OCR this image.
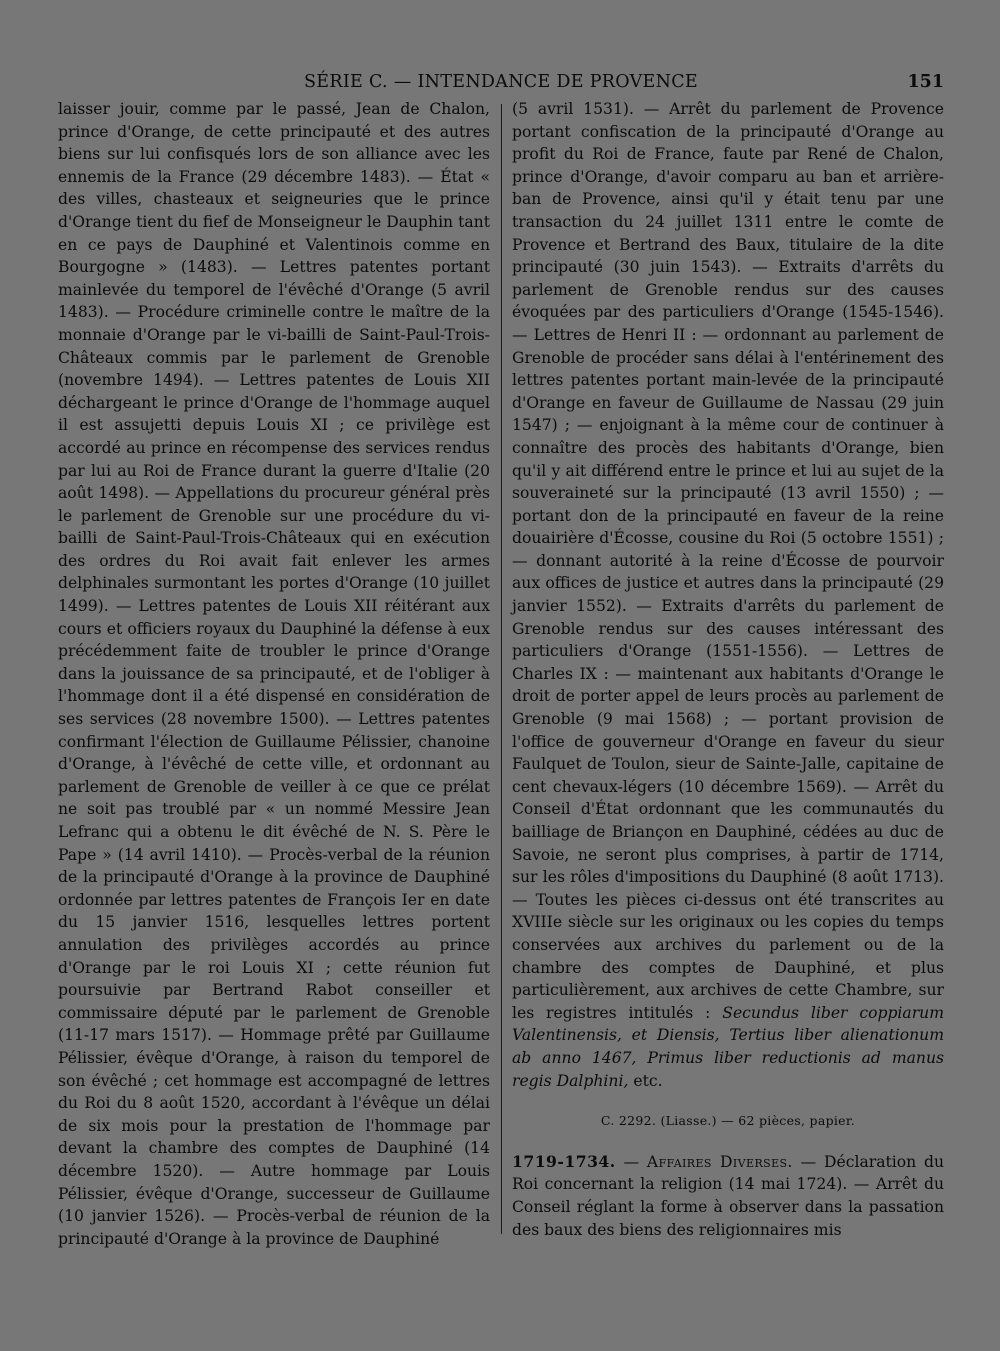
SÉRIE C. — INTENDANCE DE PROVENCE	151

laisser jouir, comme par le passé, Jean de Chalon, prince d'Orange, de cette principauté et des autres biens sur lui confisqués lors de son alliance avec les ennemis de la France (29 décembre 1483). — État « des villes, chasteaux et seigneuries que le prince d'Orange tient du fief de Monseigneur le Dauphin tant en ce pays de Dauphiné et Valentinois comme en Bourgogne » (1483). — Lettres patentes portant mainlevée du temporel de l'évêché d'Orange (5 avril 1483). — Procédure criminelle contre le maître de la monnaie d'Orange par le vi-bailli de Saint-Paul-Trois-Châteaux commis par le parlement de Grenoble (novembre 1494). — Lettres patentes de Louis XII déchargeant le prince d'Orange de l'hommage auquel il est assujetti depuis Louis XI ; ce privilège est accordé au prince en récompense des services rendus par lui au Roi de France durant la guerre d'Italie (20 août 1498). — Appellations du procureur général près le parlement de Grenoble sur une procédure du vi-bailli de Saint-Paul-Trois-Châteaux qui en exécution des ordres du Roi avait fait enlever les armes delphinales surmontant les portes d'Orange (10 juillet 1499). — Lettres patentes de Louis XII réitérant aux cours et officiers royaux du Dauphiné la défense à eux précédemment faite de troubler le prince d'Orange dans la jouissance de sa principauté, et de l'obliger à l'hommage dont il a été dispensé en considération de ses services (28 novembre 1500). — Lettres patentes confirmant l'élection de Guillaume Pélissier, chanoine d'Orange, à l'évêché de cette ville, et ordonnant au parlement de Grenoble de veiller à ce que ce prélat ne soit pas troublé par « un nommé Messire Jean Lefranc qui a obtenu le dit évêché de N. S. Père le Pape » (14 avril 1410). — Procès-verbal de la réunion de la principauté d'Orange à la province de Dauphiné ordonnée par lettres patentes de François Ier en date du 15 janvier 1516, lesquelles lettres portent annulation des privilèges accordés au prince d'Orange par le roi Louis XI ; cette réunion fut poursuivie par Bertrand Rabot conseiller et commissaire député par le parlement de Grenoble (11-17 mars 1517). — Hommage prêté par Guillaume Pélissier, évêque d'Orange, à raison du temporel de son évêché ; cet hommage est accompagné de lettres du Roi du 8 août 1520, accordant à l'évêque un délai de six mois pour la prestation de l'hommage par devant la chambre des comptes de Dauphiné (14 décembre 1520). — Autre hommage par Louis Pélissier, évêque d'Orange, successeur de Guillaume (10 janvier 1526). — Procès-verbal de réunion de la principauté d'Orange à la province de Dauphiné

(5 avril 1531). — Arrêt du parlement de Provence portant confiscation de la principauté d'Orange au profit du Roi de France, faute par René de Chalon, prince d'Orange, d'avoir comparu au ban et arrière-ban de Provence, ainsi qu'il y était tenu par une transaction du 24 juillet 1311 entre le comte de Provence et Bertrand des Baux, titulaire de la dite principauté (30 juin 1543). — Extraits d'arrêts du parlement de Grenoble rendus sur des causes évoquées par des particuliers d'Orange (1545-1546). — Lettres de Henri II : — ordonnant au parlement de Grenoble de procéder sans délai à l'entérinement des lettres patentes portant main-levée de la principauté d'Orange en faveur de Guillaume de Nassau (29 juin 1547) ; — enjoignant à la même cour de continuer à connaître des procès des habitants d'Orange, bien qu'il y ait différend entre le prince et lui au sujet de la souveraineté sur la principauté (13 avril 1550) ; — portant don de la principauté en faveur de la reine douairière d'Écosse, cousine du Roi (5 octobre 1551) ; — donnant autorité à la reine d'Écosse de pourvoir aux offices de justice et autres dans la principauté (29 janvier 1552). — Extraits d'arrêts du parlement de Grenoble rendus sur des causes intéressant des particuliers d'Orange (1551-1556). — Lettres de Charles IX : — maintenant aux habitants d'Orange le droit de porter appel de leurs procès au parlement de Grenoble (9 mai 1568) ; — portant provision de l'office de gouverneur d'Orange en faveur du sieur Faulquet de Toulon, sieur de Sainte-Jalle, capitaine de cent chevaux-légers (10 décembre 1569). — Arrêt du Conseil d'État ordonnant que les communautés du bailliage de Briançon en Dauphiné, cédées au duc de Savoie, ne seront plus comprises, à partir de 1714, sur les rôles d'impositions du Dauphiné (8 août 1713). — Toutes les pièces ci-dessus ont été transcrites au XVIIIe siècle sur les originaux ou les copies du temps conservées aux archives du parlement ou de la chambre des comptes de Dauphiné, et plus particulièrement, aux archives de cette Chambre, sur les registres intitulés : Secundus liber coppiarum Valentinensis, et Diensis, Tertius liber alienationum ab anno 1467, Primus liber reductionis ad manus regis Dalphini, etc.

C. 2292. (Liasse.) — 62 pièces, papier.

1719-1734. — Affaires Diverses. — Déclaration du Roi concernant la religion (14 mai 1724). — Arrêt du Conseil réglant la forme à observer dans la passation des baux des biens des religionnaires mis
